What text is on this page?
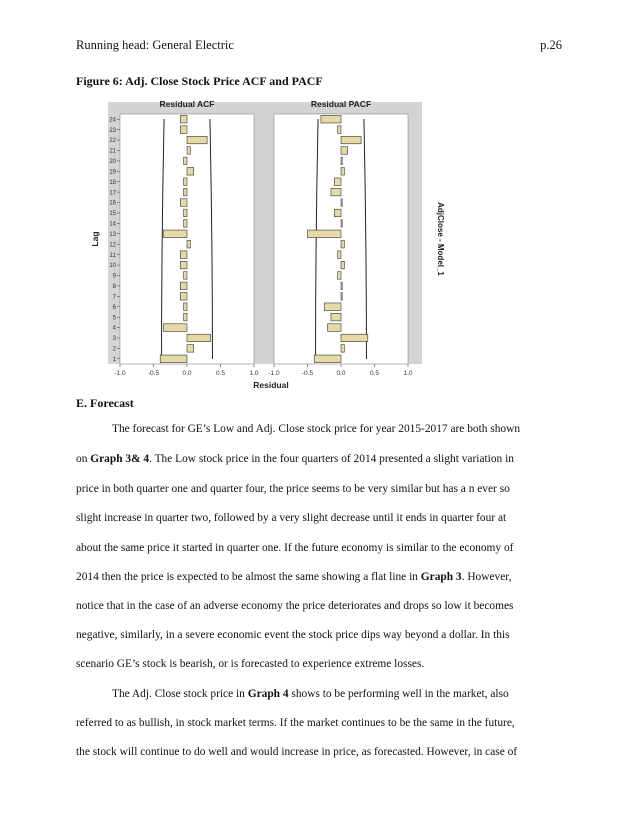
Running head: General Electric	p.26
Figure 6: Adj. Close Stock Price ACF and PACF
Residual ACF
-1.0	-0.5	0.0	0.5	1.0
Residual PACF
-1.0	-0.5	0.0	0.5	1.0
1
2
3
4
5
6
7
8
9
10
11
12
13
14
15
16
17
18
19
20
21
22
23
24
Residual
Lag	AdjClose - Model_1
E. Forecast
The forecast for GE’s Low and Adj. Close stock price for year 2015-2017 are both shown
on Graph 3& 4. The Low stock price in the four quarters of 2014 presented a slight variation in
price in both quarter one and quarter four, the price seems to be very similar but has a n ever so
slight increase in quarter two, followed by a very slight decrease until it ends in quarter four at
about the same price it started in quarter one. If the future economy is similar to the economy of
2014 then the price is expected to be almost the same showing a flat line in Graph 3. However,
notice that in the case of an adverse economy the price deteriorates and drops so low it becomes
negative, similarly, in a severe economic event the stock price dips way beyond a dollar. In this
scenario GE’s stock is bearish, or is forecasted to experience extreme losses.
The Adj. Close stock price in Graph 4 shows to be performing well in the market, also
referred to as bullish, in stock market terms. If the market continues to be the same in the future,
the stock will continue to do well and would increase in price, as forecasted. However, in case of
